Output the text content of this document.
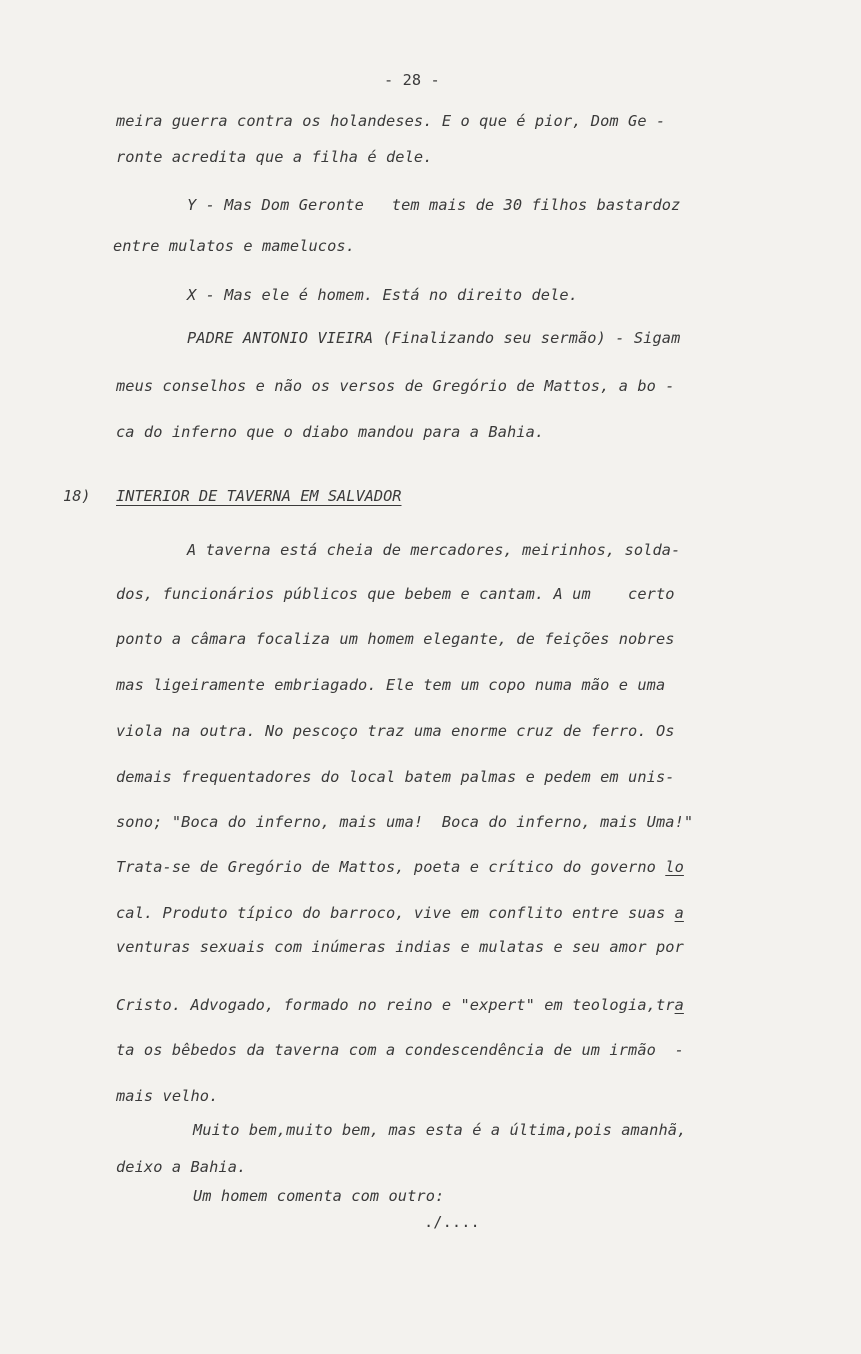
- 28 -
meira guerra contra os holandeses. E o que é pior, Dom Ge -
ronte acredita que a filha é dele.
Y - Mas Dom Geronte   tem mais de 30 filhos bastardoz
entre mulatos e mamelucos.
X - Mas ele é homem. Está no direito dele.
PADRE ANTONIO VIEIRA (Finalizando seu sermão) - Sigam
meus conselhos e não os versos de Gregório de Mattos, a bo -
ca do inferno que o diabo mandou para a Bahia.
18) INTERIOR DE TAVERNA EM SALVADOR
A taverna está cheia de mercadores, meirinhos, solda-
dos, funcionários públicos que bebem e cantam. A um    certo
ponto a câmara focaliza um homem elegante, de feições nobres
mas ligeiramente embriagado. Ele tem um copo numa mão e uma
viola na outra. No pescoço traz uma enorme cruz de ferro. Os
demais frequentadores do local batem palmas e pedem em unis-
sono; "Boca do inferno, mais uma!  Boca do inferno, mais Uma!"
Trata-se de Gregório de Mattos, poeta e crítico do governo lo
cal. Produto típico do barroco, vive em conflito entre suas a
venturas sexuais com inúmeras indias e mulatas e seu amor por
Cristo. Advogado, formado no reino e "expert" em teologia,tra
ta os bêbedos da taverna com a condescendência de um irmão  -
mais velho.
Muito bem,muito bem, mas esta é a última,pois amanhã,
deixo a Bahia.
Um homem comenta com outro:
./....
